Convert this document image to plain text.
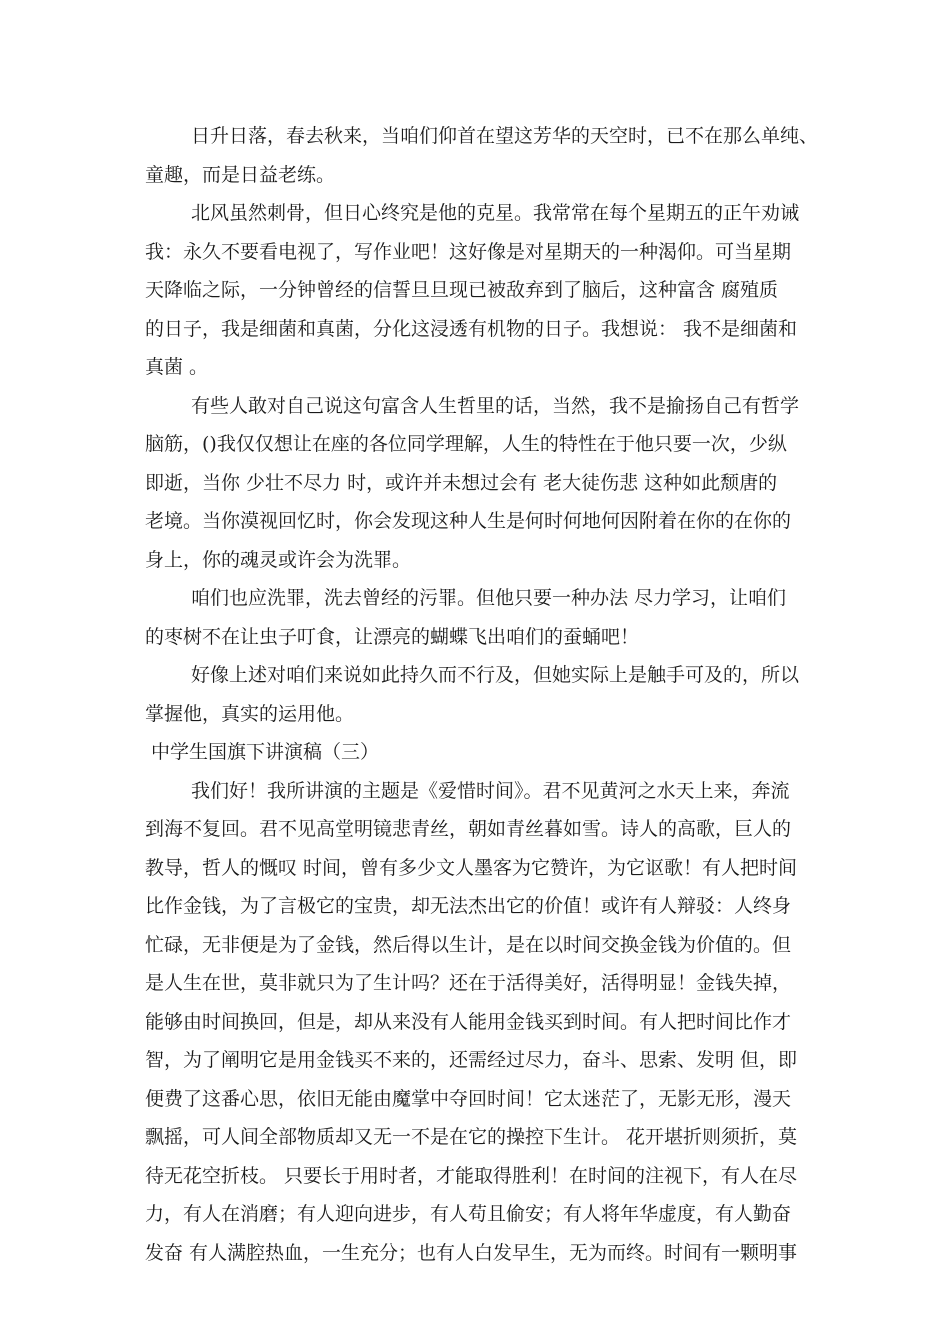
日升日落，春去秋来，当咱们仰首在望这芳华的天空时，已不在那么单纯、
童趣，而是日益老练。
北风虽然刺骨，但日心终究是他的克星。我常常在每个星期五的正午劝诫
我：永久不要看电视了，写作业吧！这好像是对星期天的一种渴仰。可当星期
天降临之际，一分钟曾经的信誓旦旦现已被敌弃到了脑后，这种富含 腐殖质
的日子，我是细菌和真菌，分化这浸透有机物的日子。我想说： 我不是细菌和
真菌 。
有些人敢对自己说这句富含人生哲里的话，当然，我不是揄扬自己有哲学
脑筋，()我仅仅想让在座的各位同学理解，人生的特性在于他只要一次，少纵
即逝，当你 少壮不尽力 时，或许并未想过会有 老大徒伤悲 这种如此颓唐的
老境。当你漠视回忆时，你会发现这种人生是何时何地何因附着在你的在你的
身上，你的魂灵或许会为洗罪。
咱们也应洗罪，洗去曾经的污罪。但他只要一种办法 尽力学习，让咱们
的枣树不在让虫子叮食，让漂亮的蝴蝶飞出咱们的蚕蛹吧！
好像上述对咱们来说如此持久而不行及，但她实际上是触手可及的，所以
掌握他，真实的运用他。
中学生国旗下讲演稿（三）
我们好！我所讲演的主题是《爱惜时间》。君不见黄河之水天上来，奔流
到海不复回。君不见高堂明镜悲青丝，朝如青丝暮如雪。诗人的高歌，巨人的
教导，哲人的慨叹 时间，曾有多少文人墨客为它赞许，为它讴歌！有人把时间
比作金钱，为了言极它的宝贵，却无法杰出它的价值！或许有人辩驳：人终身
忙碌，无非便是为了金钱，然后得以生计，是在以时间交换金钱为价值的。但
是人生在世，莫非就只为了生计吗？还在于活得美好，活得明显！金钱失掉，
能够由时间换回，但是，却从来没有人能用金钱买到时间。有人把时间比作才
智，为了阐明它是用金钱买不来的，还需经过尽力，奋斗、思索、发明 但，即
便费了这番心思，依旧无能由魔掌中夺回时间！它太迷茫了，无影无形，漫天
飘摇，可人间全部物质却又无一不是在它的操控下生计。 花开堪折则须折，莫
待无花空折枝。 只要长于用时者，才能取得胜利！在时间的注视下，有人在尽
力，有人在消磨；有人迎向进步，有人苟且偷安；有人将年华虚度，有人勤奋
发奋 有人满腔热血，一生充分；也有人白发早生，无为而终。时间有一颗明事
